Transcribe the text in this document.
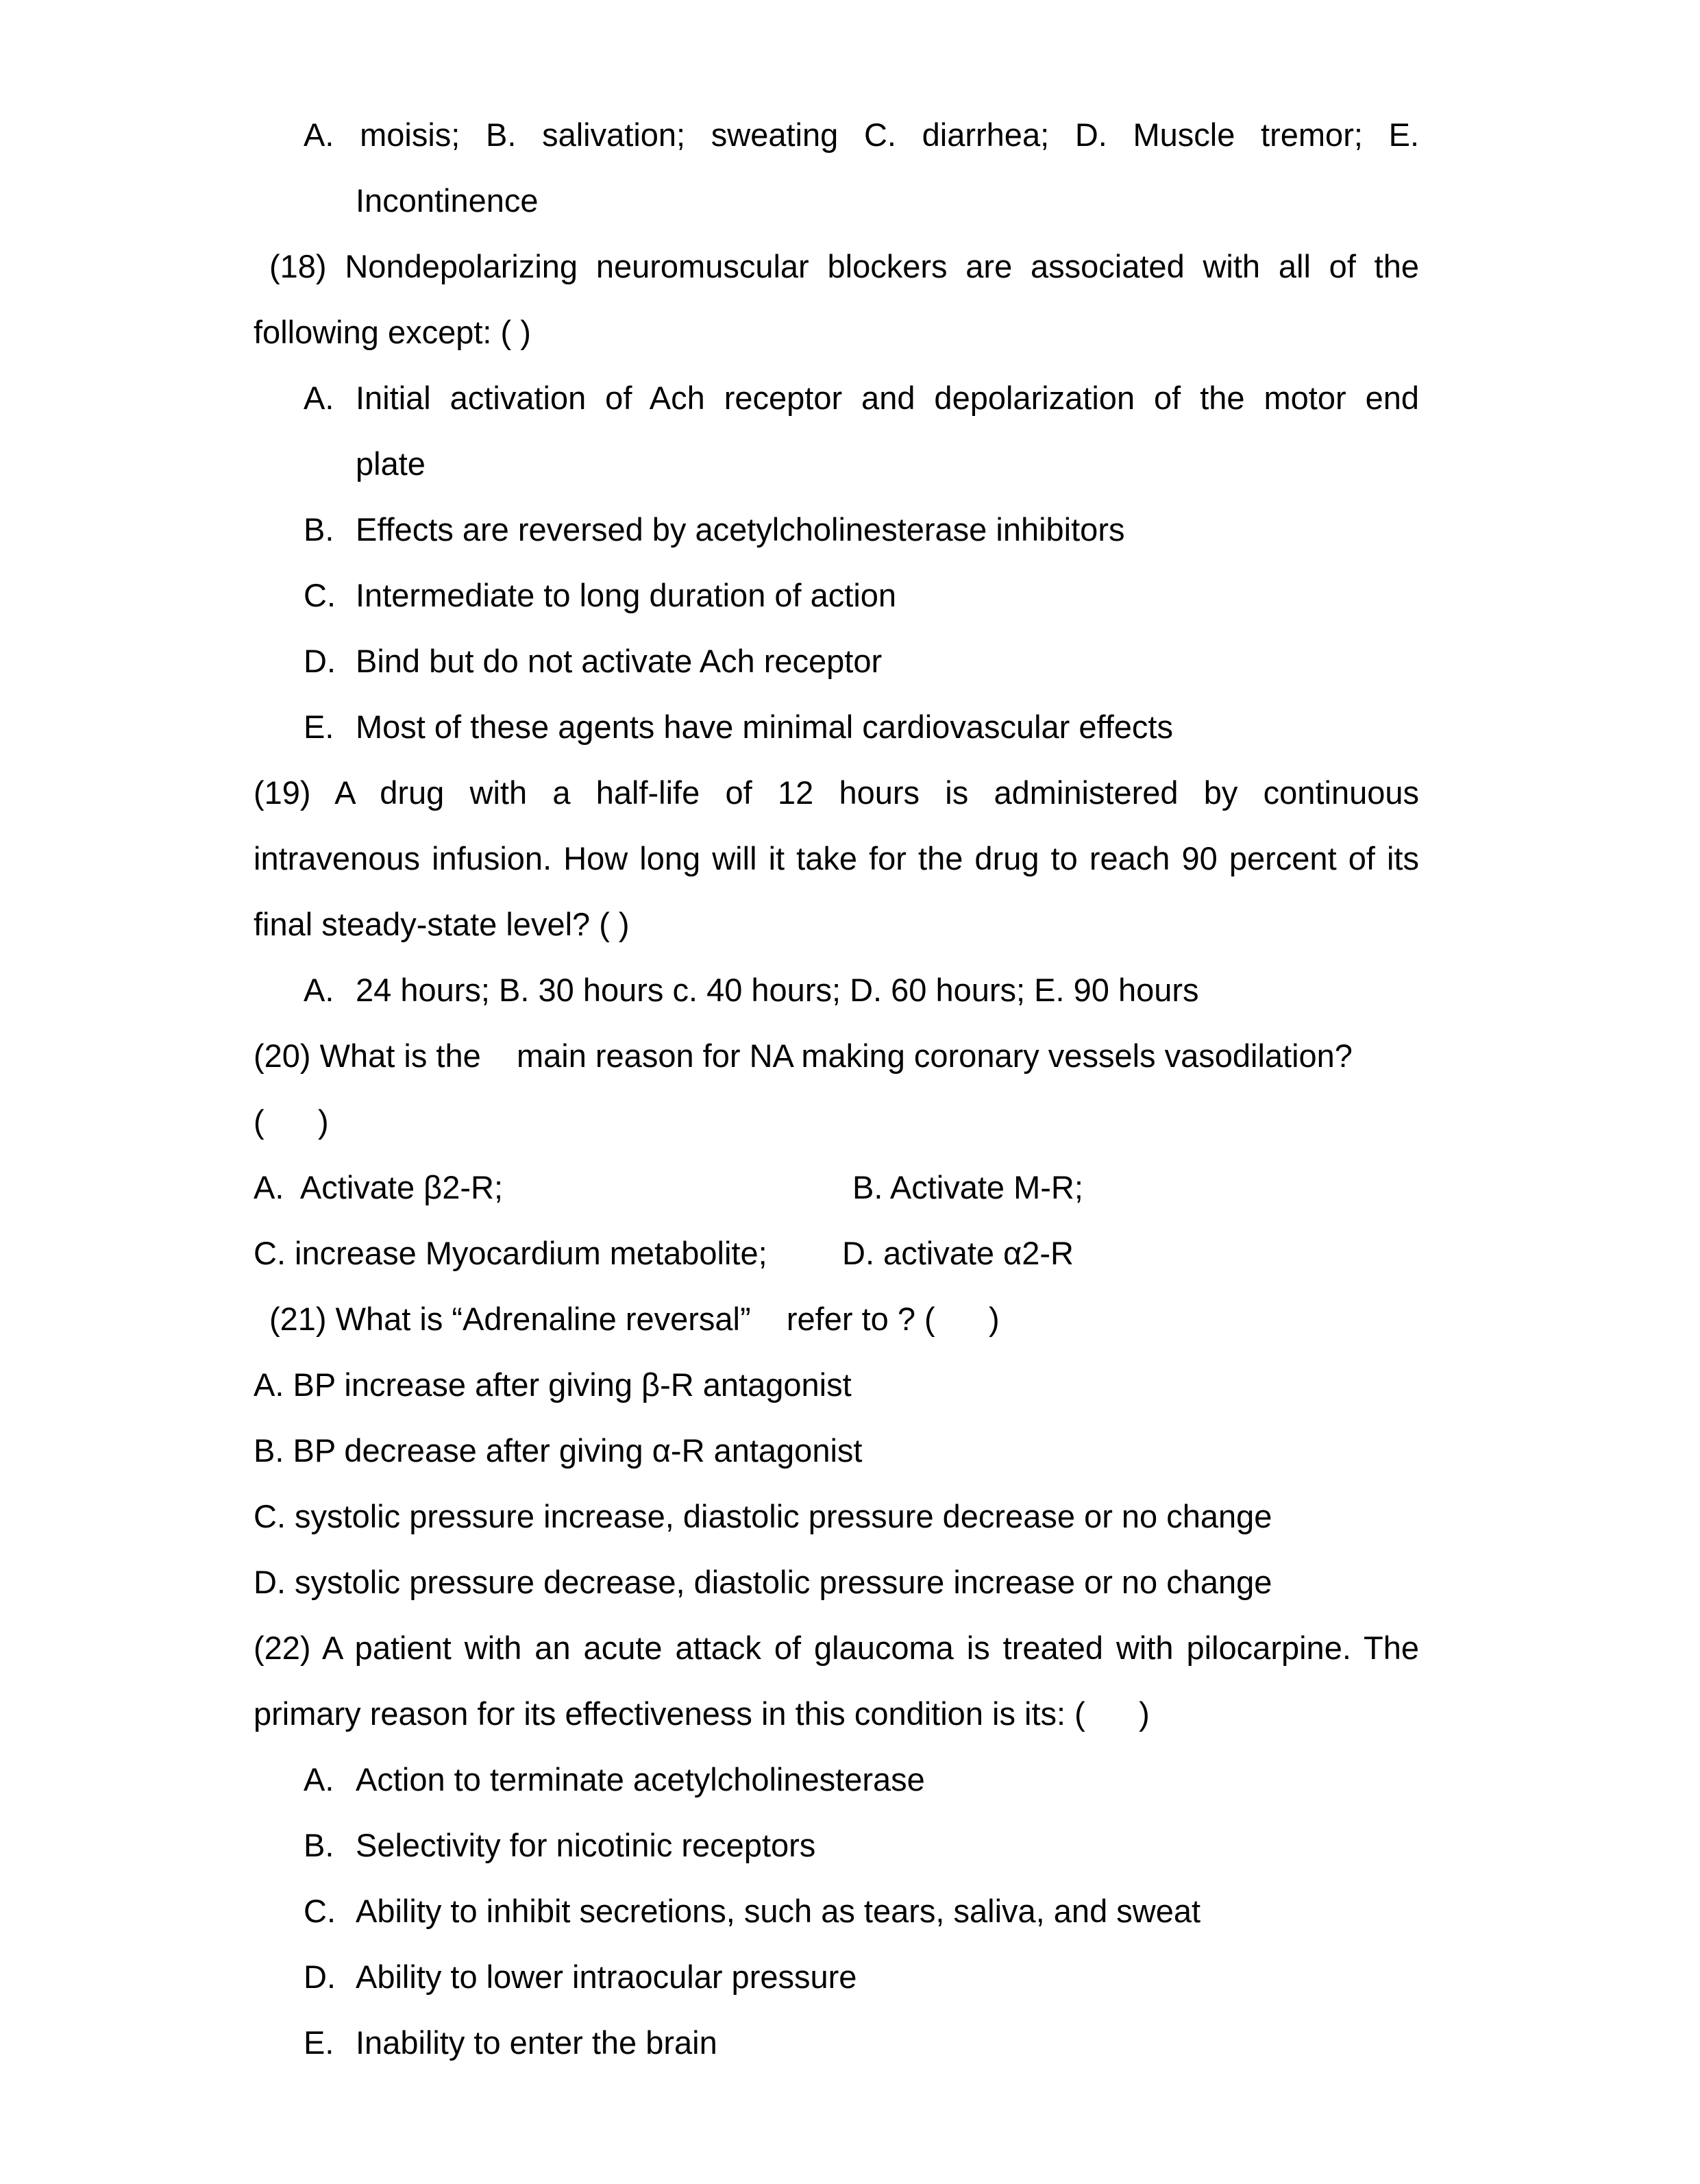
A. moisis; B. salivation; sweating C. diarrhea; D. Muscle tremor; E.
Incontinence
(18) Nondepolarizing neuromuscular blockers are associated with all of the
following except: ( )
A. Initial activation of Ach receptor and depolarization of the motor end
plate
B. Effects are reversed by acetylcholinesterase inhibitors
C. Intermediate to long duration of action
D. Bind but do not activate Ach receptor
E. Most of these agents have minimal cardiovascular effects
(19) A drug with a half-life of 12 hours is administered by continuous
intravenous infusion. How long will it take for the drug to reach 90 percent of its
final steady-state level? ( )
A. 24 hours; B. 30 hours c. 40 hours; D. 60 hours; E. 90 hours
(20) What is the    main reason for NA making coronary vessels vasodilation?
(      )
A.  Activate β2-R;	B. Activate M-R;
C. increase Myocardium metabolite; D. activate α2-R
(21) What is “Adrenaline reversal”    refer to ? (      )
A. BP increase after giving β-R antagonist
B. BP decrease after giving α-R antagonist
C. systolic pressure increase, diastolic pressure decrease or no change
D. systolic pressure decrease, diastolic pressure increase or no change
(22) A patient with an acute attack of glaucoma is treated with pilocarpine. The
primary reason for its effectiveness in this condition is its: (      )
A. Action to terminate acetylcholinesterase
B. Selectivity for nicotinic receptors
C. Ability to inhibit secretions, such as tears, saliva, and sweat
D. Ability to lower intraocular pressure
E. Inability to enter the brain
